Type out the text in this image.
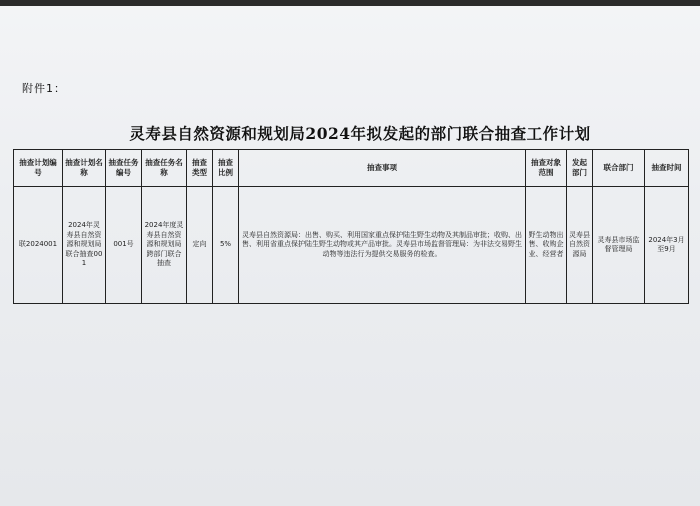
附件1：
灵寿县自然资源和规划局2024年拟发起的部门联合抽查工作计划
抽查计划编号	抽查计划名称	抽查任务编号	抽查任务名称	抽查类型	抽查比例	抽查事项	抽查对象范围	发起部门	联合部门	抽查时间
联2024001	2024年灵寿县自然资源和规划局联合抽查001	001号	2024年度灵寿县自然资源和规划局跨部门联合抽查	定向	5%	灵寿县自然资源局：出售、购买、利用国家重点保护陆生野生动物及其制品审批；收购、出售、利用省重点保护陆生野生动物或其产品审批。灵寿县市场监督管理局：为非法交易野生动物等违法行为提供交易服务的检查。	野生动物出售、收购企业、经营者	灵寿县自然资源局	灵寿县市场监督管理局	2024年3月至9月
